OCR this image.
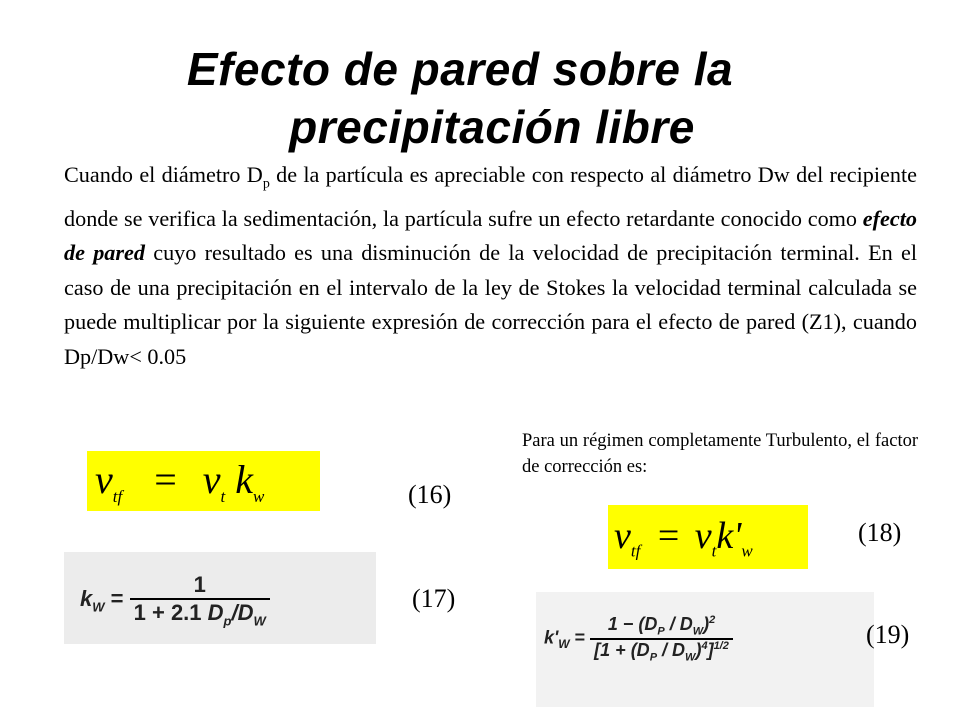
Efecto de pared sobre la
precipitación libre

Cuando el diámetro $D_p$ de la partícula es apreciable con respecto al diámetro Dw del recipiente donde se verifica la sedimentación, la partícula sufre un efecto retardante conocido como efecto de pared cuyo resultado es una disminución de la velocidad de precipitación terminal. En el caso de una precipitación en el intervalo de la ley de Stokes la velocidad terminal calculada se puede multiplicar por la siguiente expresión de corrección para el efecto de pared (Z1), cuando Dp/Dw< 0.05

$v_{tf} = v_t$ $k_w$	(16)
$k_W = \frac{1}{1 + 2.1 D_p/D_W}$	(17)

Para un régimen completamente Turbulento, el factor de corrección es:

$v_{tf} = v_tk'_w$
(18)
$k'_W = \frac{1 - (D_P / D_W)^2}{[1 + (D_P / D_W)^4]^{1/2}}$	(19)
